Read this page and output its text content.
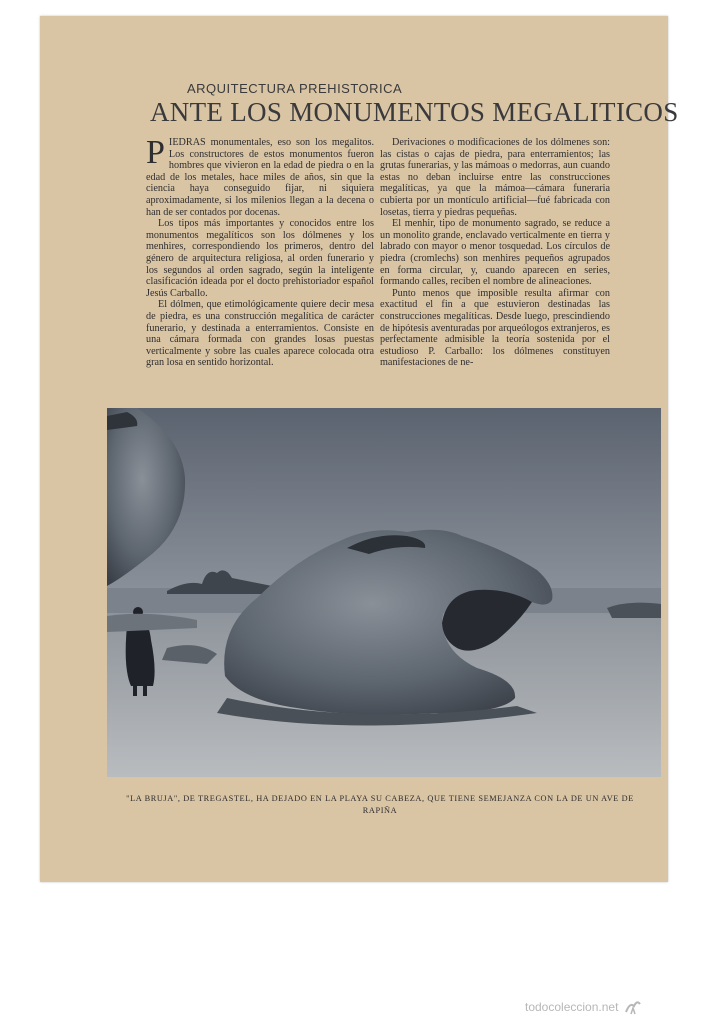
ARQUITECTURA PREHISTORICA
ANTE LOS MONUMENTOS MEGALITICOS

PIEDRAS monumentales, eso son los megalitos. Los constructores de estos monumentos fueron hombres que vivieron en la edad de piedra o en la edad de los metales, hace miles de años, sin que la ciencia haya conseguido fijar, ni siquiera aproximadamente, si los milenios llegan a la decena o han de ser contados por docenas.

Los tipos más importantes y conocidos entre los monumentos megalíticos son los dólmenes y los menhires, correspondiendo los primeros, dentro del género de arquitectura religiosa, al orden funerario y los segundos al orden sagrado, según la inteligente clasificación ideada por el docto prehistoriador español Jesús Carballo.

El dólmen, que etimológicamente quiere decir mesa de piedra, es una construcción megalítica de carácter funerario, y destinada a enterramientos. Consiste en una cámara formada con grandes losas puestas verticalmente y sobre las cuales aparece colocada otra gran losa en sentido horizontal.

Derivaciones o modificaciones de los dólmenes son: las cistas o cajas de piedra, para enterramientos; las grutas funerarias, y las mámoas o medorras, aun cuando estas no deban incluirse entre las construcciones megalíticas, ya que la mámoa—cámara funeraria cubierta por un montículo artificial—fué fabricada con losetas, tierra y piedras pequeñas.

El menhir, tipo de monumento sagrado, se reduce a un monolito grande, enclavado verticalmente en tierra y labrado con mayor o menor tosquedad. Los círculos de piedra (cromlechs) son menhires pequeños agrupados en forma circular, y, cuando aparecen en series, formando calles, reciben el nombre de alineaciones.

Punto menos que imposible resulta afirmar con exactitud el fin a que estuvieron destinadas las construcciones megalíticas. Desde luego, prescindiendo de hipótesis aventuradas por arqueólogos extranjeros, es perfectamente admisible la teoría sostenida por el estudioso P. Carballo: los dólmenes constituyen manifestaciones de ne-

"LA BRUJA", DE TREGASTEL, HA DEJADO EN LA PLAYA SU CABEZA, QUE TIENE SEMEJANZA CON LA DE UN AVE DE RAPIÑA
todocoleccion.net
